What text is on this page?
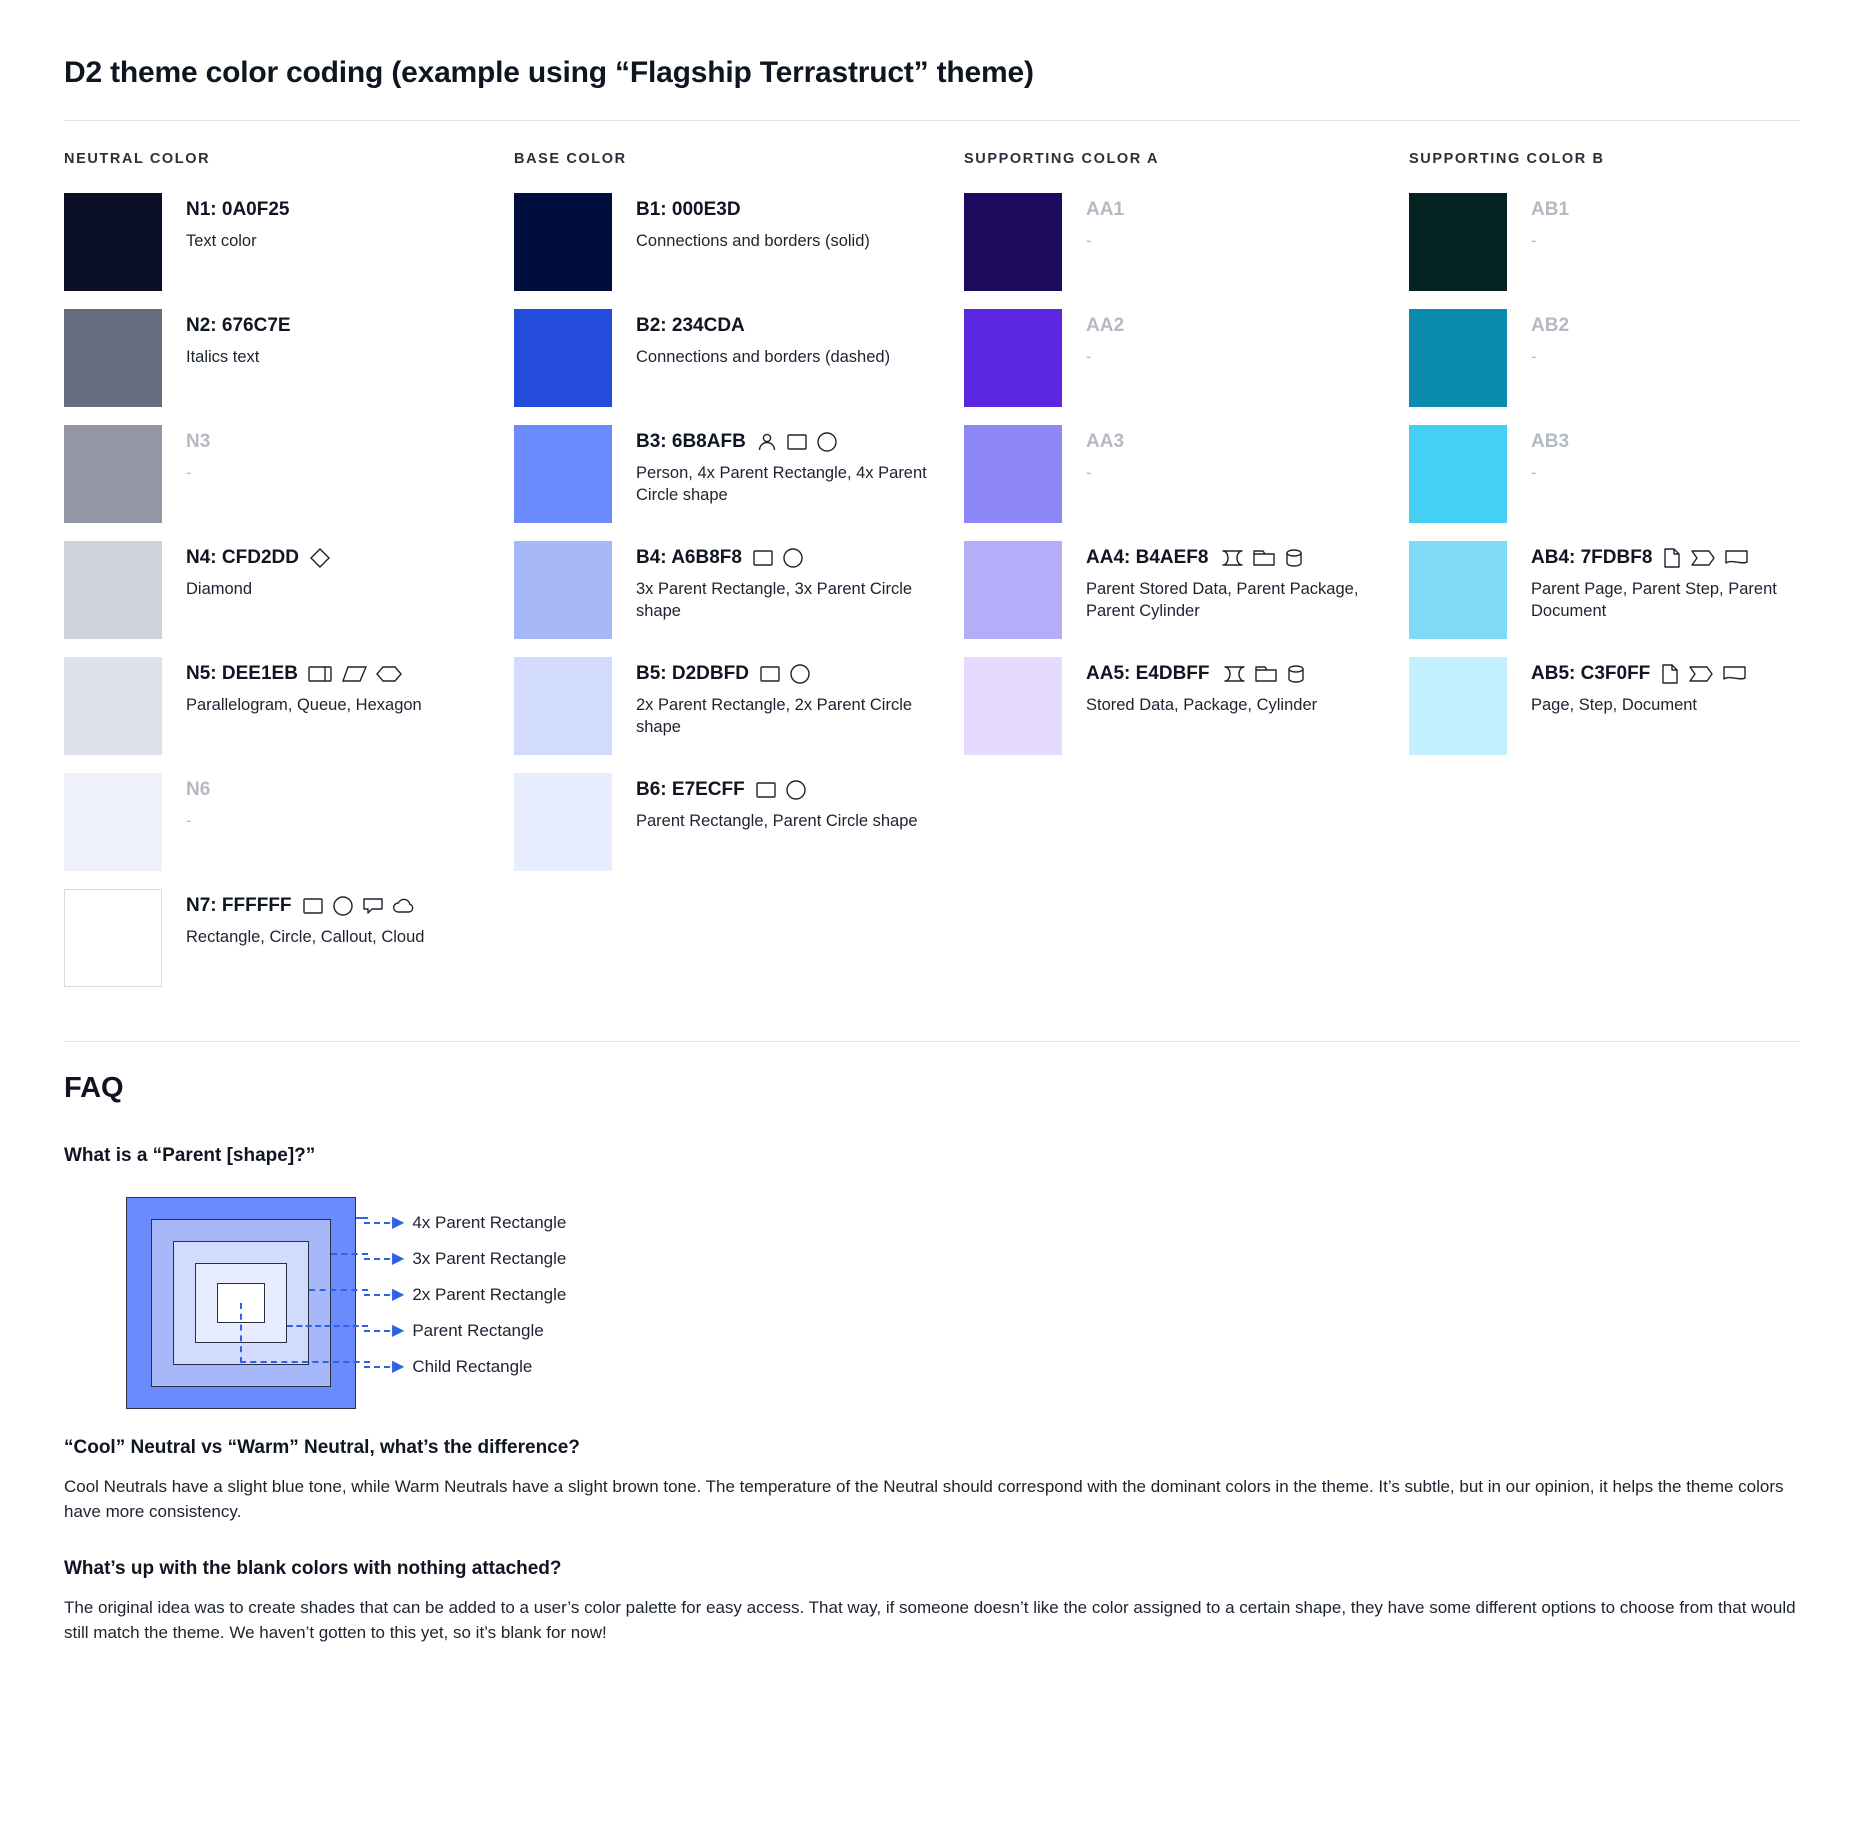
D2 theme color coding (example using “Flagship Terrastruct” theme)
NEUTRAL COLOR
N1: 0A0F25
Text color
N2: 676C7E
Italics text
N3
-
N4: CFD2DD
Diamond
N5: DEE1EB
Parallelogram, Queue, Hexagon
N6
-
N7: FFFFFF
Rectangle, Circle, Callout, Cloud
BASE COLOR
B1: 000E3D
Connections and borders (solid)
B2: 234CDA
Connections and borders (dashed)
B3: 6B8AFB
Person, 4x Parent Rectangle, 4x Parent Circle shape
B4: A6B8F8
3x Parent Rectangle, 3x Parent Circle shape
B5: D2DBFD
2x Parent Rectangle, 2x Parent Circle shape
B6: E7ECFF
Parent Rectangle, Parent Circle shape
SUPPORTING COLOR A
AA1
-
AA2
-
AA3
-
AA4: B4AEF8
Parent Stored Data, Parent Package, Parent Cylinder
AA5: E4DBFF
Stored Data, Package, Cylinder
SUPPORTING COLOR B
AB1
-
AB2
-
AB3
-
AB4: 7FDBF8
Parent Page, Parent Step, Parent Document
AB5: C3F0FF
Page, Step, Document
FAQ
What is a “Parent [shape]?”
▶ 4x Parent Rectangle
▶ 3x Parent Rectangle
▶ 2x Parent Rectangle
▶ Parent Rectangle
▶ Child Rectangle
“Cool” Neutral vs “Warm” Neutral, what’s the difference?

Cool Neutrals have a slight blue tone, while Warm Neutrals have a slight brown tone. The temperature of the Neutral should correspond with the dominant colors in the theme. It’s subtle, but in our opinion, it helps the theme colors have more consistency.

What’s up with the blank colors with nothing attached?

The original idea was to create shades that can be added to a user’s color palette for easy access. That way, if someone doesn’t like the color assigned to a certain shape, they have some different options to choose from that would still match the theme. We haven’t gotten to this yet, so it’s blank for now!
